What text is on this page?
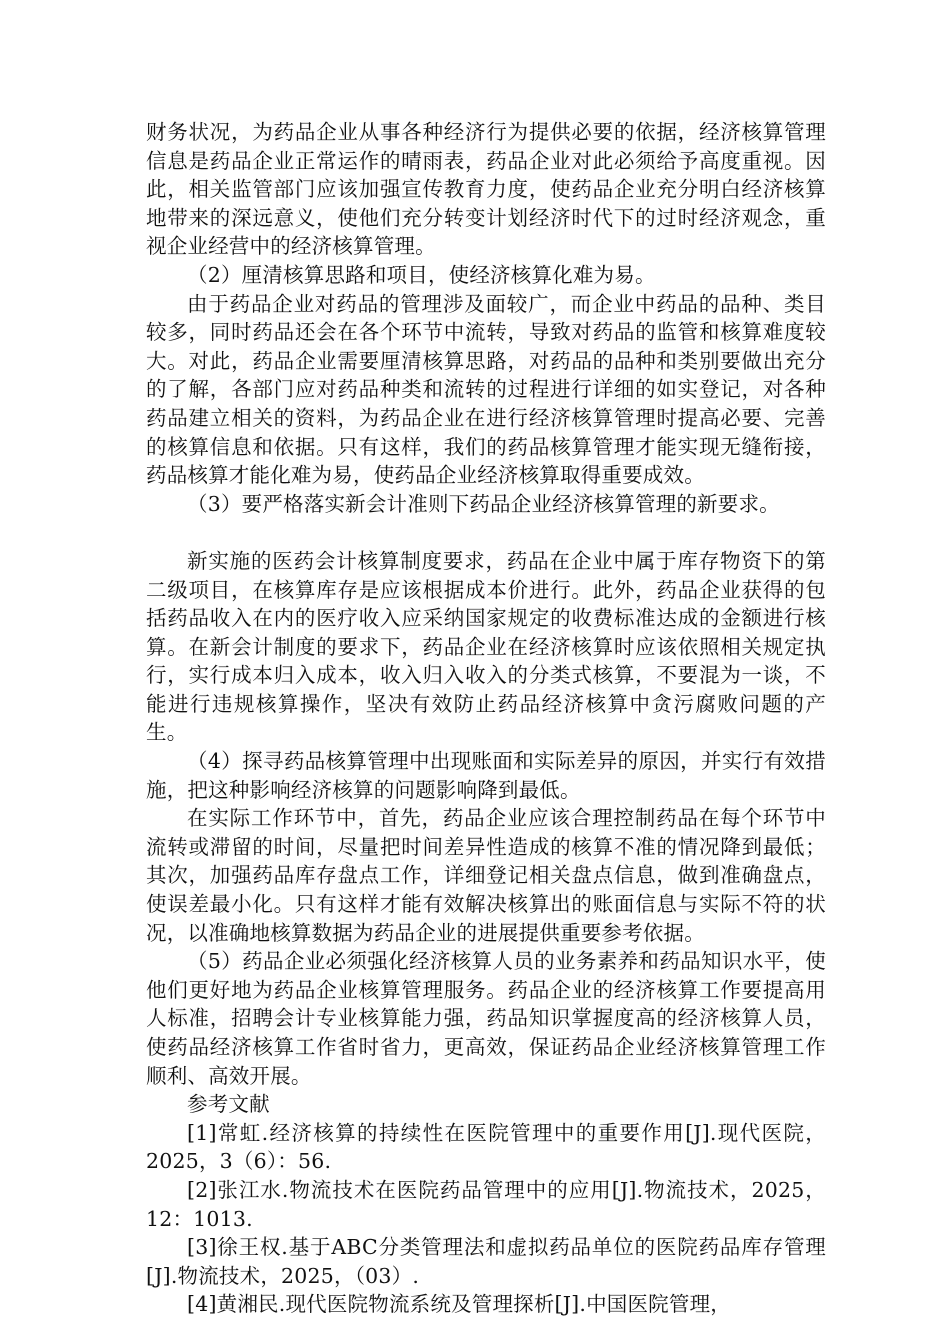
财务状况，为药品企业从事各种经济行为提供必要的依据，经济核算管理信息是药品企业正常运作的晴雨表，药品企业对此必须给予高度重视。因此，相关监管部门应该加强宣传教育力度，使药品企业充分明白经济核算地带来的深远意义，使他们充分转变计划经济时代下的过时经济观念，重视企业经营中的经济核算管理。

（2）厘清核算思路和项目，使经济核算化难为易。

由于药品企业对药品的管理涉及面较广，而企业中药品的品种、类目较多，同时药品还会在各个环节中流转，导致对药品的监管和核算难度较大。对此，药品企业需要厘清核算思路，对药品的品种和类别要做出充分的了解，各部门应对药品种类和流转的过程进行详细的如实登记，对各种药品建立相关的资料，为药品企业在进行经济核算管理时提高必要、完善的核算信息和依据。只有这样，我们的药品核算管理才能实现无缝衔接，药品核算才能化难为易，使药品企业经济核算取得重要成效。

（3）要严格落实新会计准则下药品企业经济核算管理的新要求。

新实施的医药会计核算制度要求，药品在企业中属于库存物资下的第二级项目，在核算库存是应该根据成本价进行。此外，药品企业获得的包括药品收入在内的医疗收入应采纳国家规定的收费标准达成的金额进行核算。在新会计制度的要求下，药品企业在经济核算时应该依照相关规定执行，实行成本归入成本，收入归入收入的分类式核算，不要混为一谈，不能进行违规核算操作，坚决有效防止药品经济核算中贪污腐败问题的产生。

（4）探寻药品核算管理中出现账面和实际差异的原因，并实行有效措施，把这种影响经济核算的问题影响降到最低。

在实际工作环节中，首先，药品企业应该合理控制药品在每个环节中流转或滞留的时间，尽量把时间差异性造成的核算不准的情况降到最低；其次，加强药品库存盘点工作，详细登记相关盘点信息，做到准确盘点，使误差最小化。只有这样才能有效解决核算出的账面信息与实际不符的状况，以准确地核算数据为药品企业的进展提供重要参考依据。

（5）药品企业必须强化经济核算人员的业务素养和药品知识水平，使他们更好地为药品企业核算管理服务。药品企业的经济核算工作要提高用人标准，招聘会计专业核算能力强，药品知识掌握度高的经济核算人员，使药品经济核算工作省时省力，更高效，保证药品企业经济核算管理工作顺利、高效开展。

参考文献

[1]常虹.经济核算的持续性在医院管理中的重要作用[J].现代医院，2025，3（6）：56.

[2]张江水.物流技术在医院药品管理中的应用[J].物流技术，2025，12：1013.

[3]徐王权.基于ABC分类管理法和虚拟药品单位的医院药品库存管理[J].物流技术，2025，（03）.

[4]黄湘民.现代医院物流系统及管理探析[J].中国医院管理，
